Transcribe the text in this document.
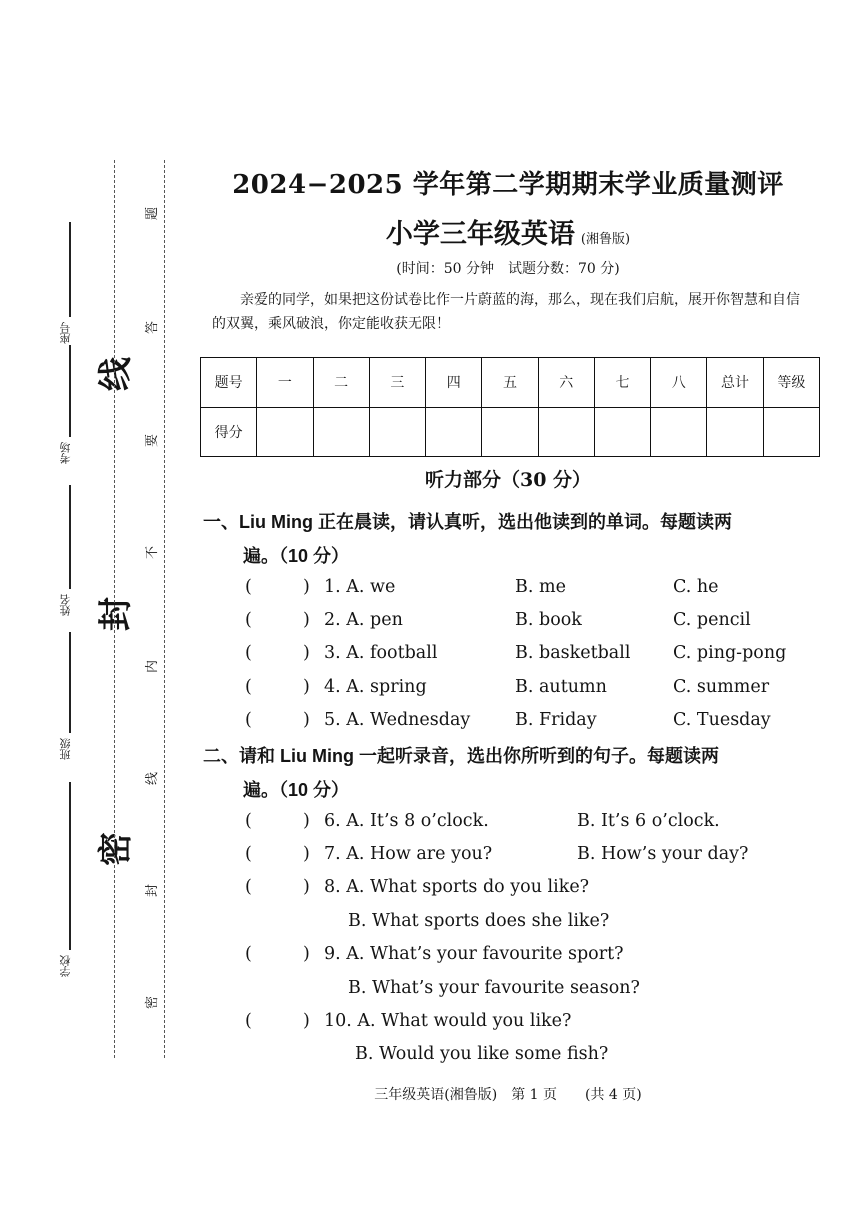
座号
考场
姓名
班级
学校
线
封
密
题
答
要
不
内
线
封
密
2024−2025 学年第二学期期末学业质量测评
小学三年级英语 (湘鲁版)
(时间：50 分钟　试题分数：70 分)
亲爱的同学，如果把这份试卷比作一片蔚蓝的海，那么，现在我们启航，展开你智慧和自信的双翼，乘风破浪，你定能收获无限！
题号	一	二	三	四	五	六	七	八	总计	等级
得分										
听力部分（30 分）
一、Liu Ming 正在晨读，请认真听，选出他读到的单词。每题读两
遍。（10 分）
(	) 1. A. we	B. me	C. he
(	) 2. A. pen	B. book	C. pencil
(	) 3. A. football	B. basketball C. ping-pong
(	) 4. A. spring	B. autumn	C. summer
(	) 5. A. Wednesday	B. Friday	C. Tuesday
二、请和 Liu Ming 一起听录音，选出你所听到的句子。每题读两
遍。（10 分）
(	) 6. A. It’s 8 o’clock.	B. It’s 6 o’clock.
(	) 7. A. How are you?	B. How’s your day?
(	) 8. A. What sports do you like?
B. What sports does she like?
(	) 9. A. What’s your favourite sport?
B. What’s your favourite season?
(	) 10. A. What would you like?
B. Would you like some fish?
三年级英语(湘鲁版)　第 1 页　　(共 4 页)
